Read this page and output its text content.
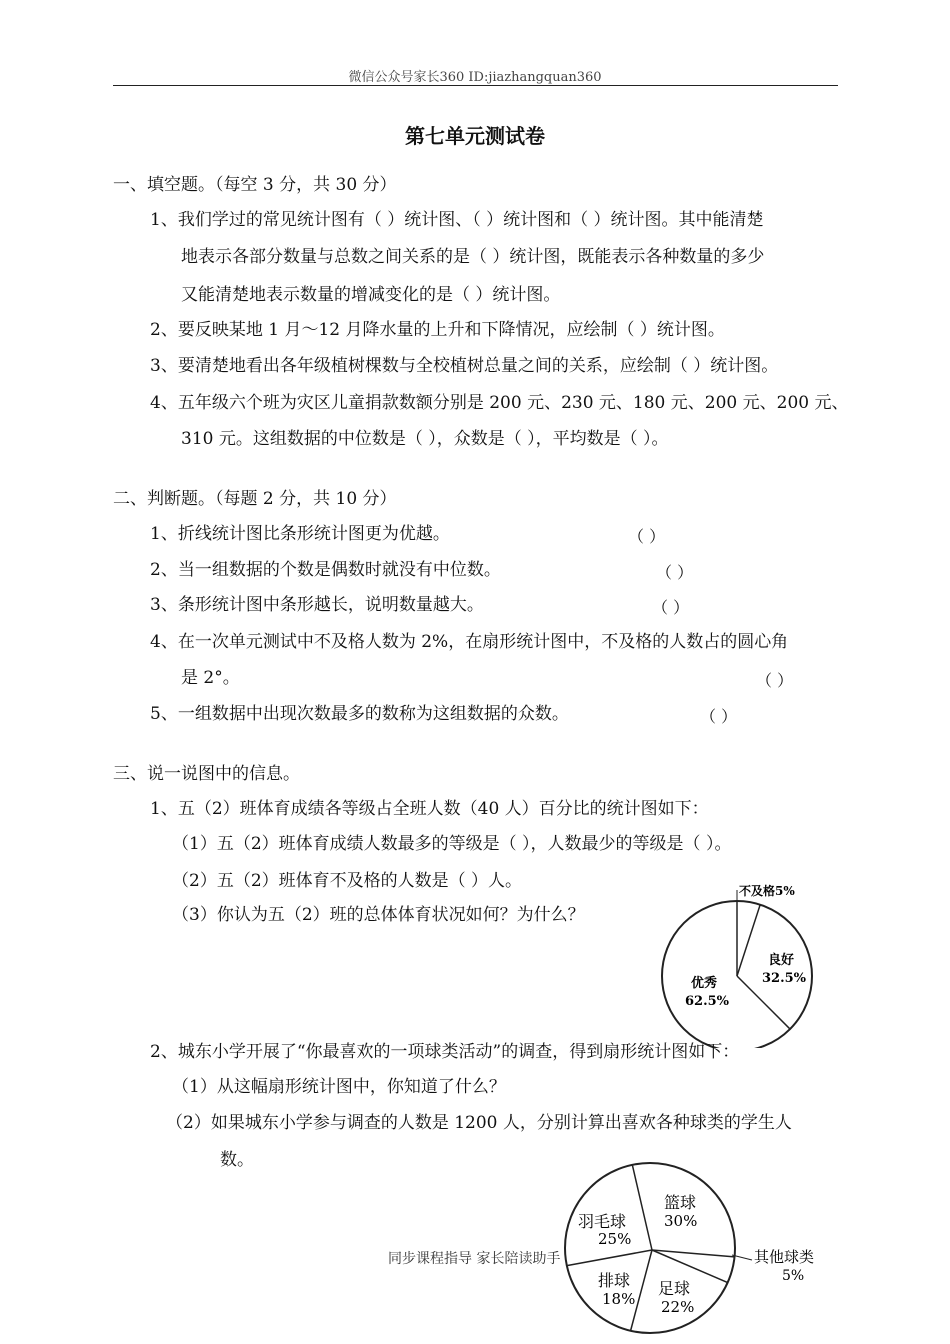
微信公众号家长360 ID:jiazhangquan360
第七单元测试卷
一、填空题。（每空 3 分，共 30 分）
1、我们学过的常见统计图有（ ）统计图、（ ）统计图和（ ）统计图。其中能清楚
地表示各部分数量与总数之间关系的是（ ）统计图，既能表示各种数量的多少
又能清楚地表示数量的增减变化的是（ ）统计图。
2、要反映某地 1 月～12 月降水量的上升和下降情况，应绘制（ ）统计图。
3、要清楚地看出各年级植树棵数与全校植树总量之间的关系，应绘制（ ）统计图。
4、五年级六个班为灾区儿童捐款数额分别是 200 元、230 元、180 元、200 元、200 元、
310 元。这组数据的中位数是（ ），众数是（ ），平均数是（ ）。
二、判断题。（每题 2 分，共 10 分）
1、折线统计图比条形统计图更为优越。	（ ）
2、当一组数据的个数是偶数时就没有中位数。	（ ）
3、条形统计图中条形越长，说明数量越大。	（ ）
4、在一次单元测试中不及格人数为 2%，在扇形统计图中，不及格的人数占的圆心角
是 2°。	（ ）
5、一组数据中出现次数最多的数称为这组数据的众数。	（ ）
三、说一说图中的信息。
1、五（2）班体育成绩各等级占全班人数（40 人）百分比的统计图如下：
（1）五（2）班体育成绩人数最多的等级是（ ），人数最少的等级是（ ）。
（2）五（2）班体育不及格的人数是（ ）人。
（3）你认为五（2）班的总体体育状况如何？为什么？
不及格5%
良好
32.5%
优秀
62.5%
2、城东小学开展了“你最喜欢的一项球类活动”的调查，得到扇形统计图如下：
（1）从这幅扇形统计图中，你知道了什么？
（2）如果城东小学参与调查的人数是 1200 人，分别计算出喜欢各种球类的学生人
数。
同步课程指导 家长陪读助手
篮球
30%
羽毛球
25%
排球
18%
足球
22%
其他球类
5%
